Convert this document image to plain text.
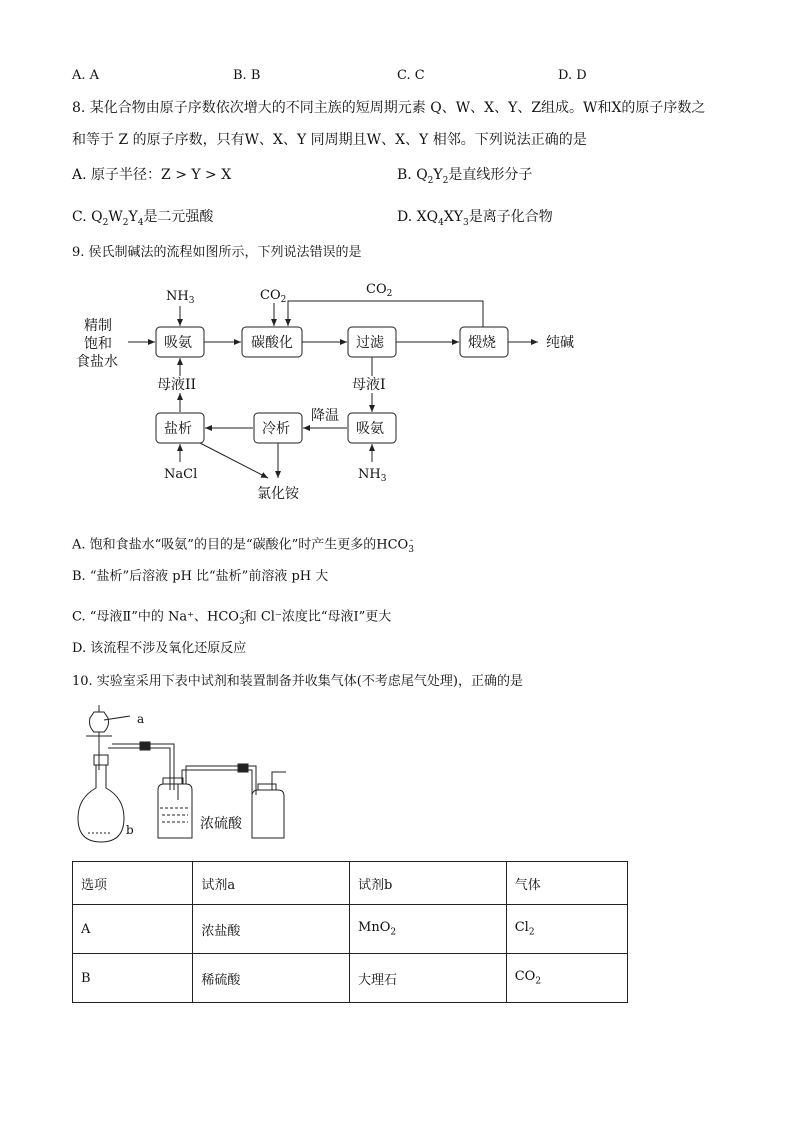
A. A	B. B	C. C	D. D
8. 某化合物由原子序数依次增大的不同主族的短周期元素 Q、W、X、Y、Z组成。W和X的原子序数之
和等于 Z 的原子序数，只有W、X、Y 同周期且W、X、Y 相邻。下列说法正确的是
A. 原子半径：Z > Y > X	B. $Q_2Y_2$是直线形分子
C. $Q_2W_2Y_4$是二元强酸	D. $XQ_4XY_3$是离子化合物
9. 侯氏制碱法的流程如图所示，下列说法错误的是
精制
饱和
食盐水
吸氨	碳酸化	过滤	煅烧	纯碱
盐析	冷析	吸氨
降温
母液II	母液I
氯化铵
$NH_3$	$CO_2$
$CO_2$
NaCl	$NH_3$
A. 饱和食盐水“吸氨”的目的是“碳酸化”时产生更多的$HCO_3^-$
B. “盐析”后溶液 pH 比“盐析”前溶液 pH 大
C. “母液Ⅱ”中的 Na⁺、$HCO_3^-$和 Cl⁻浓度比“母液Ⅰ”更大
D. 该流程不涉及氧化还原反应
10. 实验室采用下表中试剂和装置制备并收集气体(不考虑尾气处理)，正确的是
a
b	浓硫酸
选项	试剂a	试剂b	气体
A	浓盐酸	MnO$_2$	$Cl_2$
B	稀硫酸	大理石	$CO_2$
